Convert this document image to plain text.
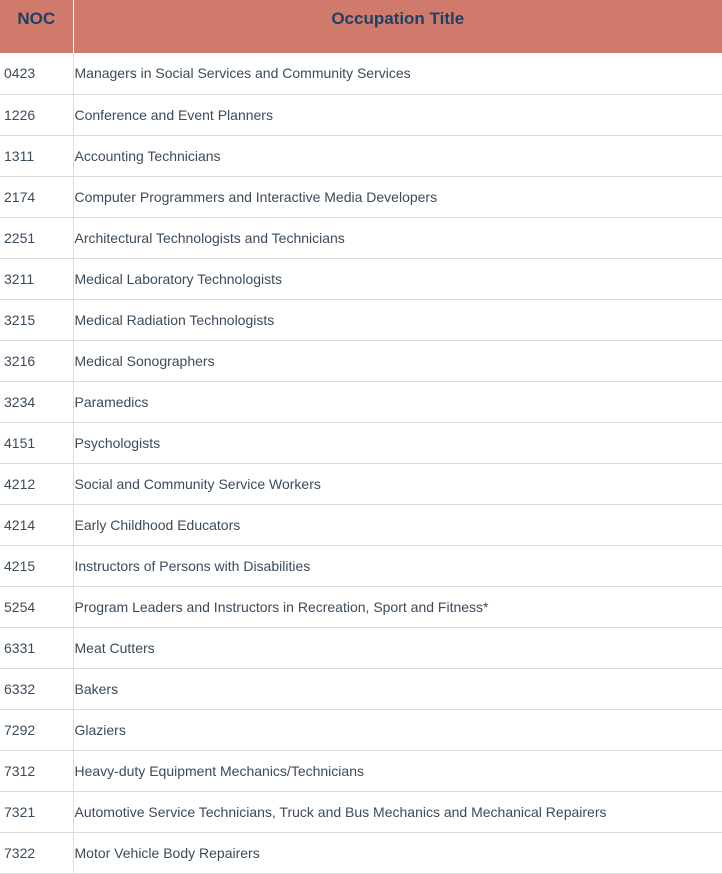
NOC	Occupation Title
0423	Managers in Social Services and Community Services
1226	Conference and Event Planners
1311	Accounting Technicians
2174	Computer Programmers and Interactive Media Developers
2251	Architectural Technologists and Technicians
3211	Medical Laboratory Technologists
3215	Medical Radiation Technologists
3216	Medical Sonographers
3234	Paramedics
4151	Psychologists
4212	Social and Community Service Workers
4214	Early Childhood Educators
4215	Instructors of Persons with Disabilities
5254	Program Leaders and Instructors in Recreation, Sport and Fitness*
6331	Meat Cutters
6332	Bakers
7292	Glaziers
7312	Heavy-duty Equipment Mechanics/Technicians
7321	Automotive Service Technicians, Truck and Bus Mechanics and Mechanical Repairers
7322	Motor Vehicle Body Repairers
